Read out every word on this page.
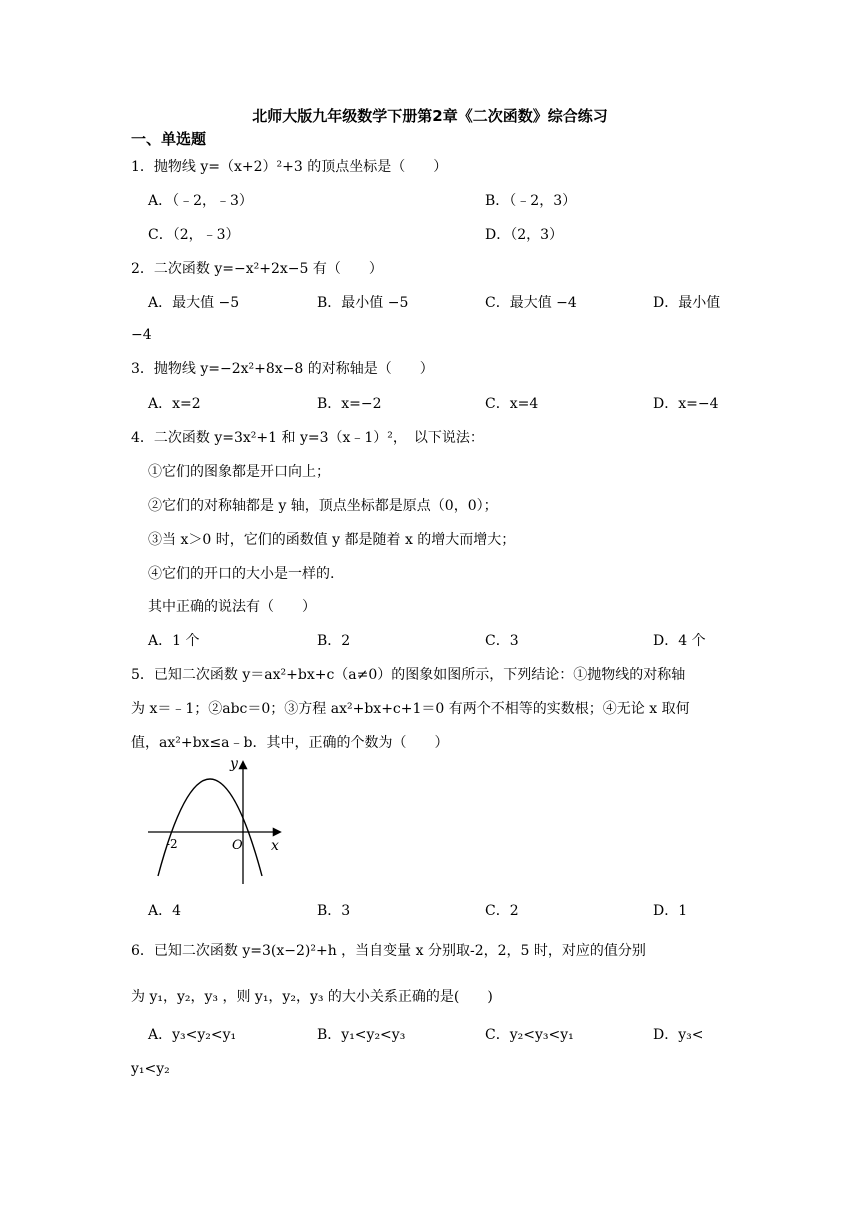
北师大版九年级数学下册第2章《二次函数》综合练习
一、单选题
1．抛物线 y=（x+2）²+3 的顶点坐标是（　　）
A．（﹣2，﹣3）	B．（﹣2，3）
C．（2，﹣3）	D．（2，3）
2．二次函数 y=−x²+2x−5 有（　　）
A．最大值 −5	B．最小值 −5	C．最大值 −4	D．最小值
−4
3．抛物线 y=−2x²+8x−8 的对称轴是（　　）
A．x=2	B．x=−2	C．x=4	D．x=−4
4．二次函数 y=3x²+1 和 y=3（x﹣1）²，　以下说法：
①它们的图象都是开口向上；
②它们的对称轴都是 y 轴，顶点坐标都是原点（0，0）；
③当 x＞0 时，它们的函数值 y 都是随着 x 的增大而增大；
④它们的开口的大小是一样的.
其中正确的说法有（　　）
A．1 个	B．2	C．3	D．4 个
5．已知二次函数 y＝ax²+bx+c（a≠0）的图象如图所示，下列结论：①抛物线的对称轴
为 x＝﹣1；②abc＝0；③方程 ax²+bx+c+1＝0 有两个不相等的实数根；④无论 x 取何
值，ax²+bx≤a﹣b．其中，正确的个数为（　　）
y
x
O
-2
A．4	B．3	C．2	D．1
6．已知二次函数 y=3(x−2)²+h ，当自变量 x 分别取-2，2，5 时，对应的值分别
为 y₁，y₂，y₃ ，则 y₁，y₂，y₃ 的大小关系正确的是(　　)
A．y₃<y₂<y₁	B．y₁<y₂<y₃	C．y₂<y₃<y₁	D．y₃<
y₁<y₂
